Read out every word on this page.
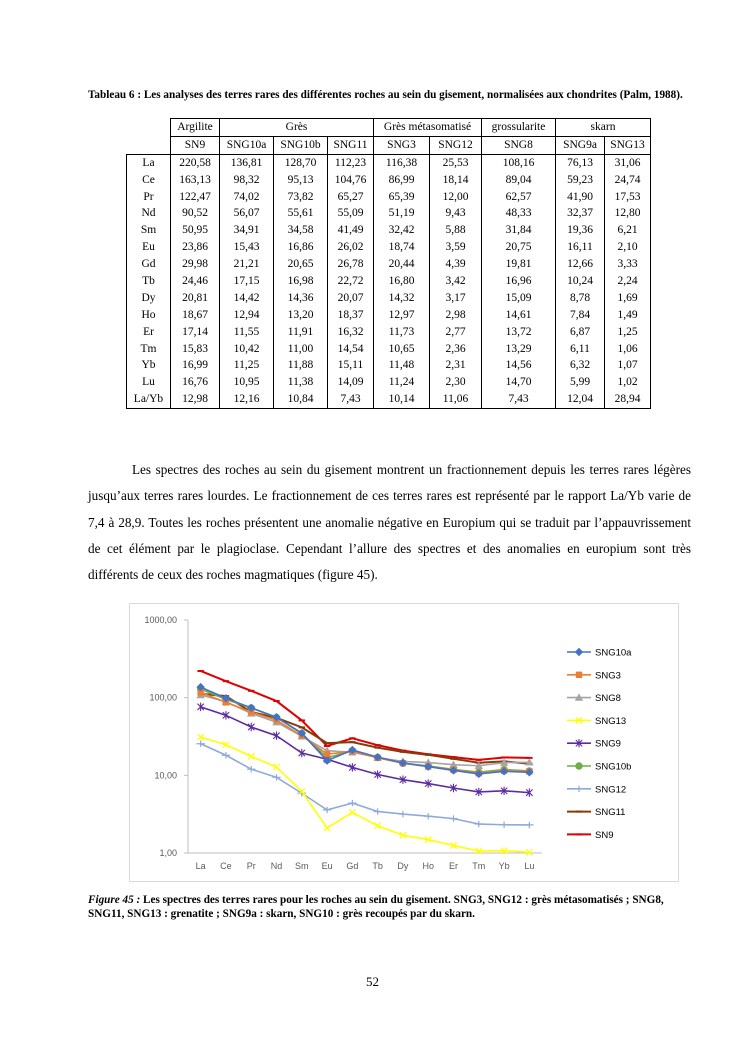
Tableau 6 : Les analyses des terres rares des différentes roches au sein du gisement, normalisées aux chondrites (Palm, 1988).
	Argilite	Grès			Grès métasomatisé		grossularite	skarn	
	SN9	SNG10a	SNG10b	SNG11	SNG3	SNG12	SNG8	SNG9a	SNG13
La	220,58	136,81	128,70	112,23	116,38	25,53	108,16	76,13	31,06
Ce	163,13	98,32	95,13	104,76	86,99	18,14	89,04	59,23	24,74
Pr	122,47	74,02	73,82	65,27	65,39	12,00	62,57	41,90	17,53
Nd	90,52	56,07	55,61	55,09	51,19	9,43	48,33	32,37	12,80
Sm	50,95	34,91	34,58	41,49	32,42	5,88	31,84	19,36	6,21
Eu	23,86	15,43	16,86	26,02	18,74	3,59	20,75	16,11	2,10
Gd	29,98	21,21	20,65	26,78	20,44	4,39	19,81	12,66	3,33
Tb	24,46	17,15	16,98	22,72	16,80	3,42	16,96	10,24	2,24
Dy	20,81	14,42	14,36	20,07	14,32	3,17	15,09	8,78	1,69
Ho	18,67	12,94	13,20	18,37	12,97	2,98	14,61	7,84	1,49
Er	17,14	11,55	11,91	16,32	11,73	2,77	13,72	6,87	1,25
Tm	15,83	10,42	11,00	14,54	10,65	2,36	13,29	6,11	1,06
Yb	16,99	11,25	11,88	15,11	11,48	2,31	14,56	6,32	1,07
Lu	16,76	10,95	11,38	14,09	11,24	2,30	14,70	5,99	1,02
La/Yb	12,98	12,16	10,84	7,43	10,14	11,06	7,43	12,04	28,94

Les spectres des roches au sein du gisement montrent un fractionnement depuis les terres rares légères jusqu’aux terres rares lourdes. Le fractionnement de ces terres rares est représenté par le rapport La/Yb varie de 7,4 à 28,9. Toutes les roches présentent une anomalie négative en Europium qui se traduit par l’appauvrissement de cet élément par le plagioclase. Cependant l’allure des spectres et des anomalies en europium sont très différents de ceux des roches magmatiques (figure 45).

1,00
10,00
100,00
1000,00
La Ce Pr Nd Sm Eu Gd Tb Dy Ho Er Tm Yb Lu
SNG10a
SNG3
SNG8
SNG13
SNG9
SNG10b
SNG12
SNG11
SN9
Figure 45 : Les spectres des terres rares pour les roches au sein du gisement. SNG3, SNG12 : grès métasomatisés ; SNG8, SNG11, SNG13 : grenatite ; SNG9a : skarn, SNG10 : grès recoupés par du skarn.
52
